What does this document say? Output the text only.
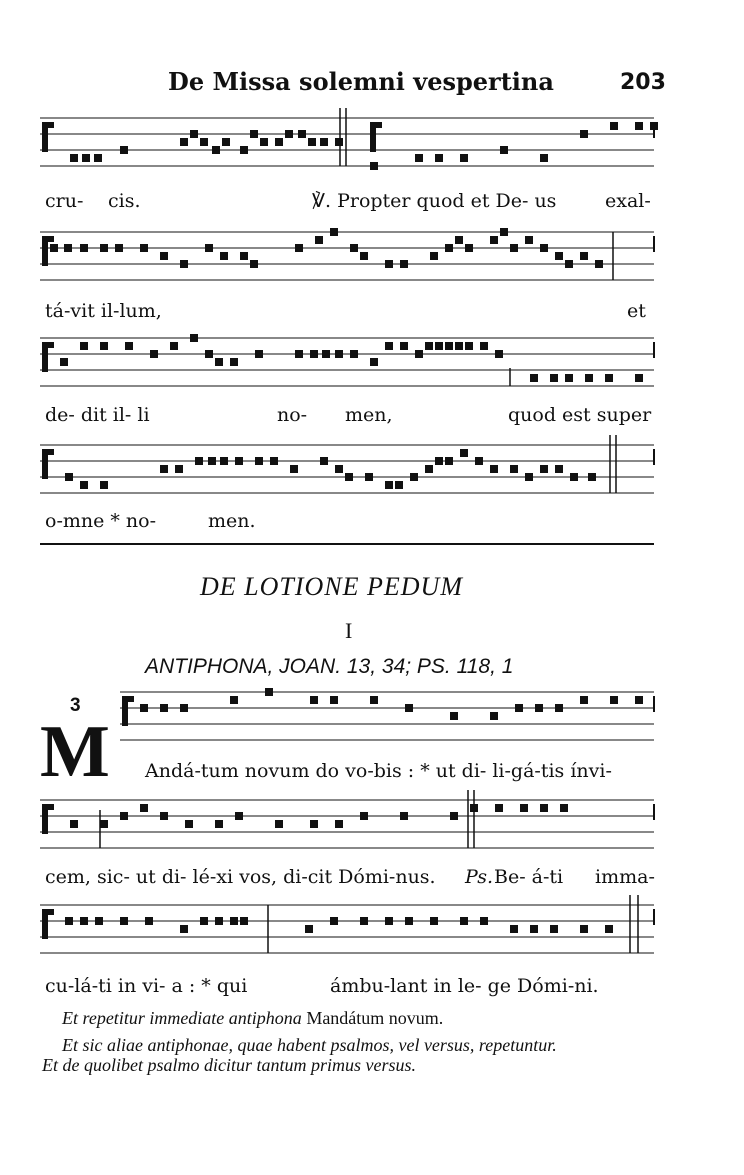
De Missa solemni vespertina	203
cru- cis.	℣. Propter quod et De- us	exal-
tá-vit il-lum,	et
de- dit il- li	no- men,	quod est super
o-mne * no-	men.
Andá-tum novum do vo-bis : * ut di- li-gá-tis ínvi-
cem, sic- ut di- lé-xi vos, di-cit Dómi-nus. Ps. Be- á-ti imma-
cu-lá-ti in vi- a : * qui	ámbu-lant in le- ge Dómi-ni.
DE LOTIONE PEDUM
I
ANTIPHONA, JOAN. 13, 34; PS. 118, 1
3
M
Et repetitur immediate antiphona Mandátum novum.
Et sic aliae antiphonae, quae habent psalmos, vel versus, repetuntur.
Et de quolibet psalmo dicitur tantum primus versus.
